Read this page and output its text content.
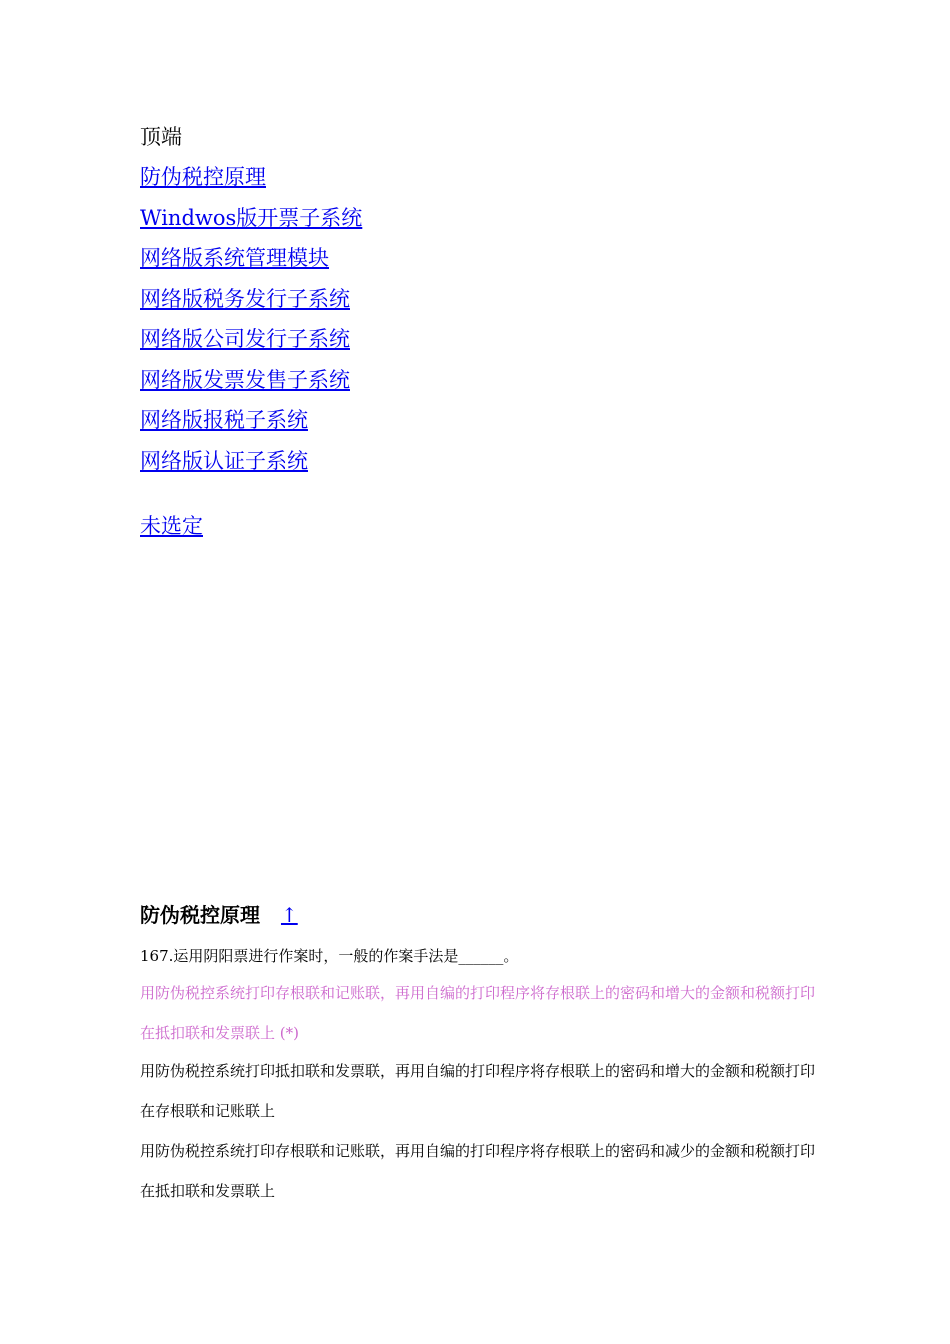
顶端
防伪税控原理
Windwos版开票子系统
网络版系统管理模块
网络版税务发行子系统
网络版公司发行子系统
网络版发票发售子系统
网络版报税子系统
网络版认证子系统
未选定
防伪税控原理 ↑

167.运用阴阳票进行作案时，一般的作案手法是______。

用防伪税控系统打印存根联和记账联，再用自编的打印程序将存根联上的密码和增大的金额和税额打印在抵扣联和发票联上 (*)

用防伪税控系统打印抵扣联和发票联，再用自编的打印程序将存根联上的密码和增大的金额和税额打印在存根联和记账联上

用防伪税控系统打印存根联和记账联，再用自编的打印程序将存根联上的密码和减少的金额和税额打印在抵扣联和发票联上
